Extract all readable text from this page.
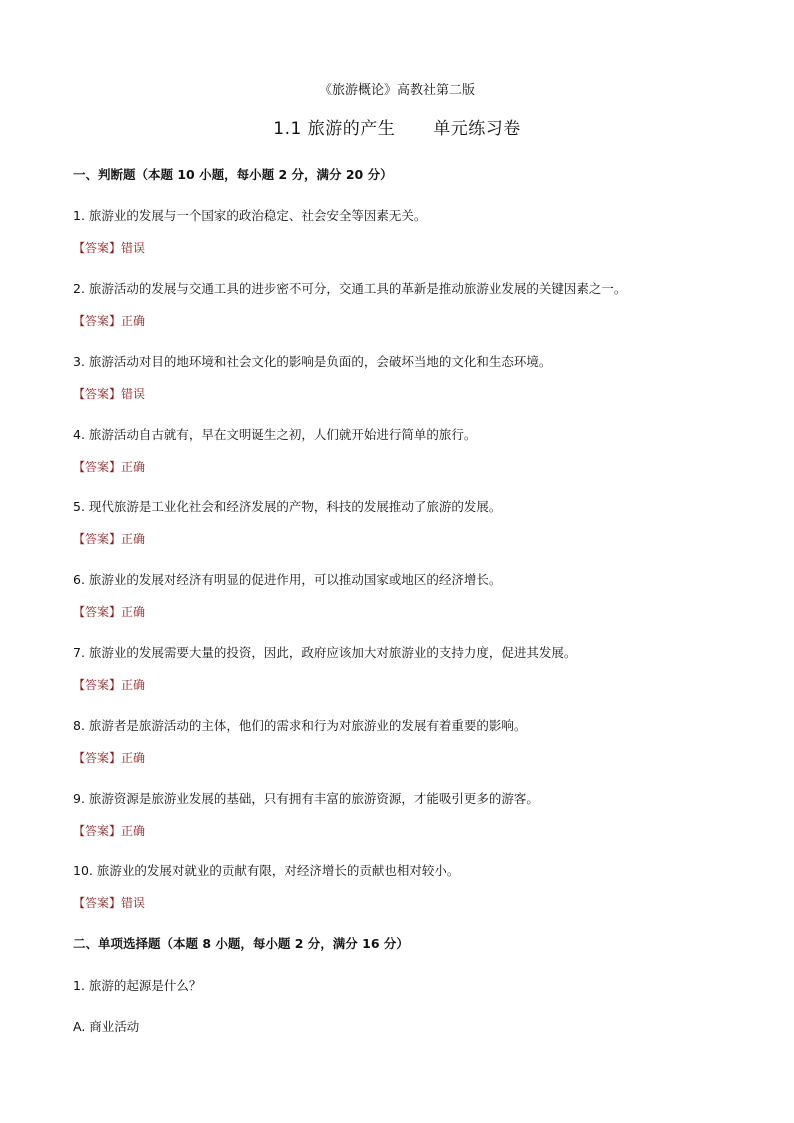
《旅游概论》高教社第二版
1.1 旅游的产生 单元练习卷
一、判断题（本题 10 小题，每小题 2 分，满分 20 分）
1. 旅游业的发展与一个国家的政治稳定、社会安全等因素无关。
【答案】错误
2. 旅游活动的发展与交通工具的进步密不可分，交通工具的革新是推动旅游业发展的关键因素之一。
【答案】正确
3. 旅游活动对目的地环境和社会文化的影响是负面的，会破坏当地的文化和生态环境。
【答案】错误
4. 旅游活动自古就有，早在文明诞生之初，人们就开始进行简单的旅行。
【答案】正确
5. 现代旅游是工业化社会和经济发展的产物，科技的发展推动了旅游的发展。
【答案】正确
6. 旅游业的发展对经济有明显的促进作用，可以推动国家或地区的经济增长。
【答案】正确
7. 旅游业的发展需要大量的投资，因此，政府应该加大对旅游业的支持力度，促进其发展。
【答案】正确
8. 旅游者是旅游活动的主体，他们的需求和行为对旅游业的发展有着重要的影响。
【答案】正确
9. 旅游资源是旅游业发展的基础，只有拥有丰富的旅游资源，才能吸引更多的游客。
【答案】正确
10. 旅游业的发展对就业的贡献有限，对经济增长的贡献也相对较小。
【答案】错误
二、单项选择题（本题 8 小题，每小题 2 分，满分 16 分）
1. 旅游的起源是什么？
A. 商业活动
